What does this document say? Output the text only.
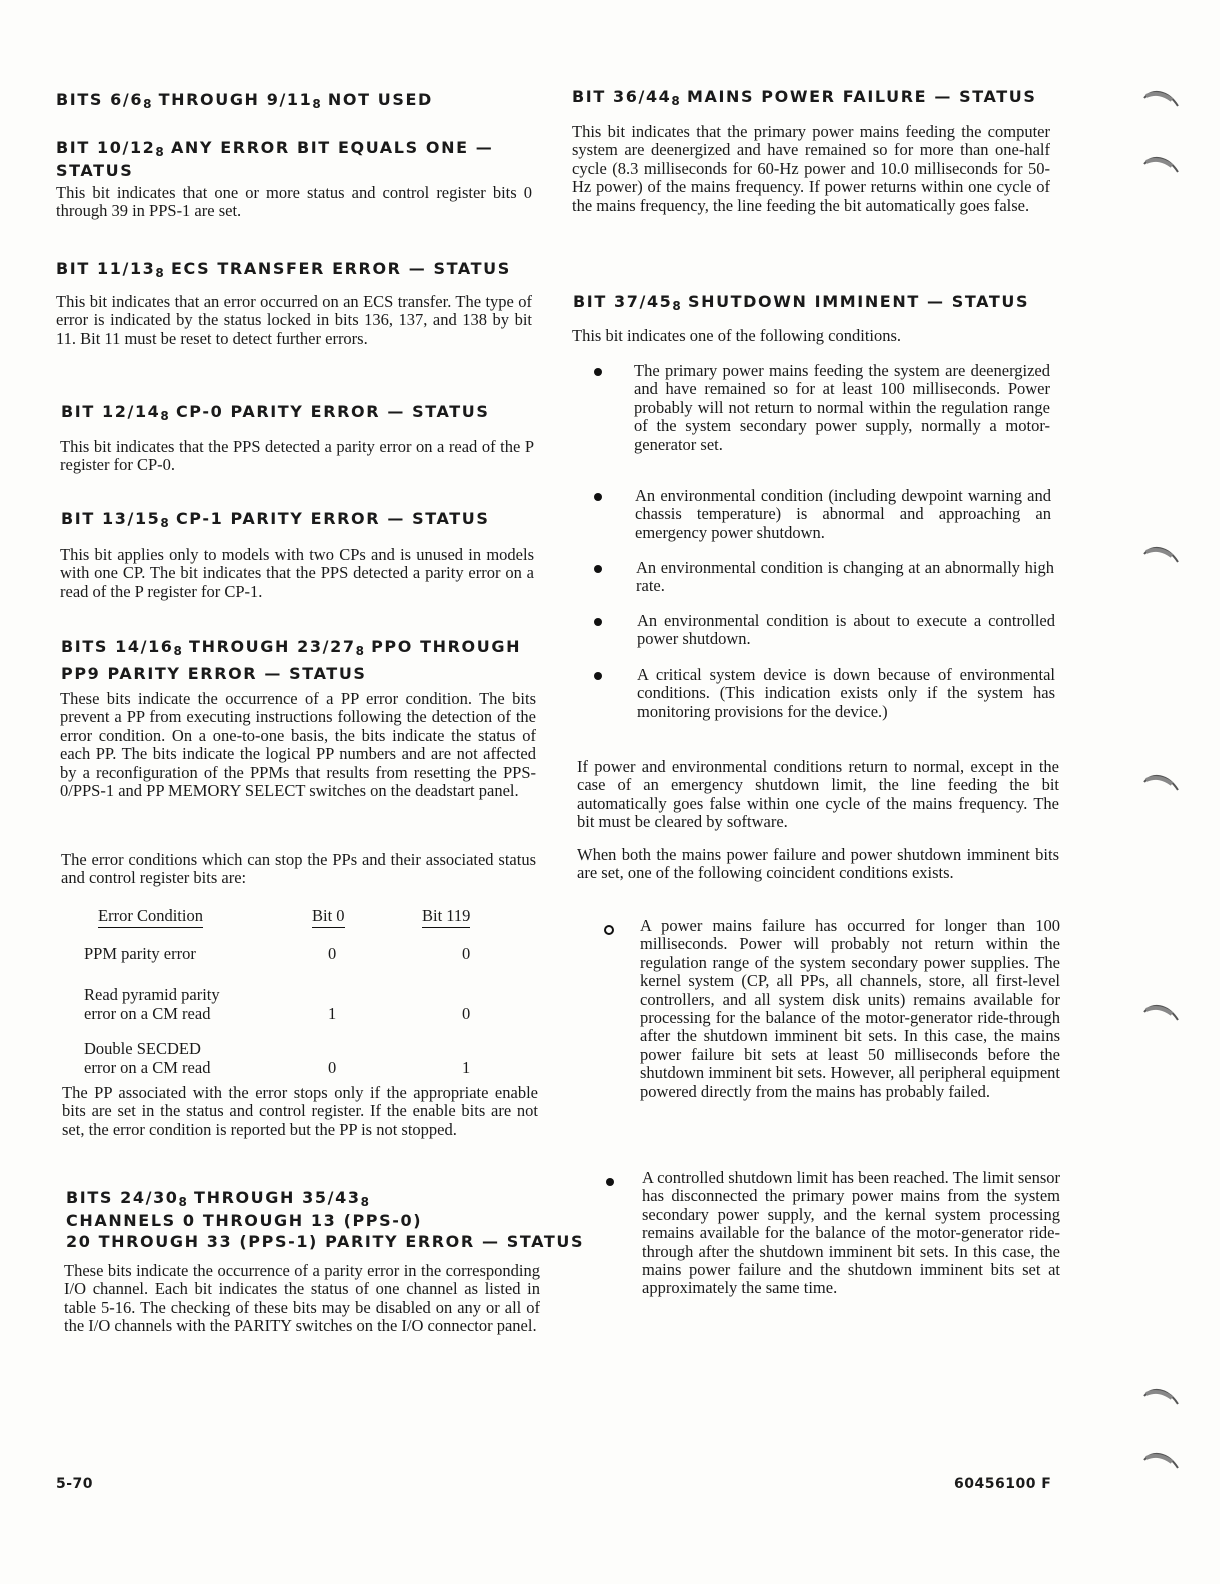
BITS $6/6_8$ THROUGH $9/11_8$ NOT USED
BIT $10/12_8$ ANY ERROR BIT EQUALS ONE —
STATUS

This bit indicates that one or more status and control register bits 0 through 39 in PPS-1 are set.

BIT $11/13_8$ ECS TRANSFER ERROR — STATUS

This bit indicates that an error occurred on an ECS transfer. The type of error is indicated by the status locked in bits 136, 137, and 138 by bit 11. Bit 11 must be reset to detect further errors.

BIT $12/14_8$ CP-0 PARITY ERROR — STATUS

This bit indicates that the PPS detected a parity error on a read of the P register for CP-0.

BIT $13/15_8$ CP-1 PARITY ERROR — STATUS

This bit applies only to models with two CPs and is unused in models with one CP. The bit indicates that the PPS detected a parity error on a read of the P register for CP-1.

BITS $14/16_8$ THROUGH $23/27_8$ PPO THROUGH
PP9 PARITY ERROR — STATUS

These bits indicate the occurrence of a PP error condition. The bits prevent a PP from executing instructions following the detection of the error condition. On a one-to-one basis, the bits indicate the status of each PP. The bits indicate the logical PP numbers and are not affected by a reconfiguration of the PPMs that results from resetting the PPS-0/PPS-1 and PP MEMORY SELECT switches on the deadstart panel.

The error conditions which can stop the PPs and their associated status and control register bits are:

Error Condition	Bit 0	Bit 119
PPM parity error	0	0
Read pyramid parity
error on a CM read	1	0
Double SECDED
error on a CM read	0	1

The PP associated with the error stops only if the appropriate enable bits are set in the status and control register. If the enable bits are not set, the error condition is reported but the PP is not stopped.

BITS $24/30_8$ THROUGH $35/43_8$
CHANNELS 0 THROUGH 13 (PPS-0)
20 THROUGH 33 (PPS-1) PARITY ERROR — STATUS

These bits indicate the occurrence of a parity error in the corresponding I/O channel. Each bit indicates the status of one channel as listed in table 5-16. The checking of these bits may be disabled on any or all of the I/O channels with the PARITY switches on the I/O connector panel.

5-70
BIT $36/44_8$ MAINS POWER FAILURE — STATUS

This bit indicates that the primary power mains feeding the computer system are deenergized and have remained so for more than one-half cycle (8.3 milliseconds for 60-Hz power and 10.0 milliseconds for 50-Hz power) of the mains frequency. If power returns within one cycle of the mains frequency, the line feeding the bit automatically goes false.

BIT $37/45_8$ SHUTDOWN IMMINENT — STATUS

This bit indicates one of the following conditions.

The primary power mains feeding the system are deenergized and have remained so for at least 100 milliseconds. Power probably will not return to normal within the regulation range of the system secondary power supply, normally a motor-generator set.

An environmental condition (including dewpoint warning and chassis temperature) is abnormal and approaching an emergency power shutdown.

An environmental condition is changing at an abnormally high rate.

An environmental condition is about to execute a controlled power shutdown.

A critical system device is down because of environmental conditions. (This indication exists only if the system has monitoring provisions for the device.)

If power and environmental conditions return to normal, except in the case of an emergency shutdown limit, the line feeding the bit automatically goes false within one cycle of the mains frequency. The bit must be cleared by software.

When both the mains power failure and power shutdown imminent bits are set, one of the following coincident conditions exists.

A power mains failure has occurred for longer than 100 milliseconds. Power will probably not return within the regulation range of the system secondary power supplies. The kernel system (CP, all PPs, all channels, store, all first-level controllers, and all system disk units) remains available for processing for the balance of the motor-generator ride-through after the shutdown imminent bit sets. In this case, the mains power failure bit sets at least 50 milliseconds before the shutdown imminent bit sets. However, all peripheral equipment powered directly from the mains has probably failed.

A controlled shutdown limit has been reached. The limit sensor has disconnected the primary power mains from the system secondary power supply, and the kernal system processing remains available for the balance of the motor-generator ride-through after the shutdown imminent bit sets. In this case, the mains power failure and the shutdown imminent bits set at approximately the same time.

60456100 F
